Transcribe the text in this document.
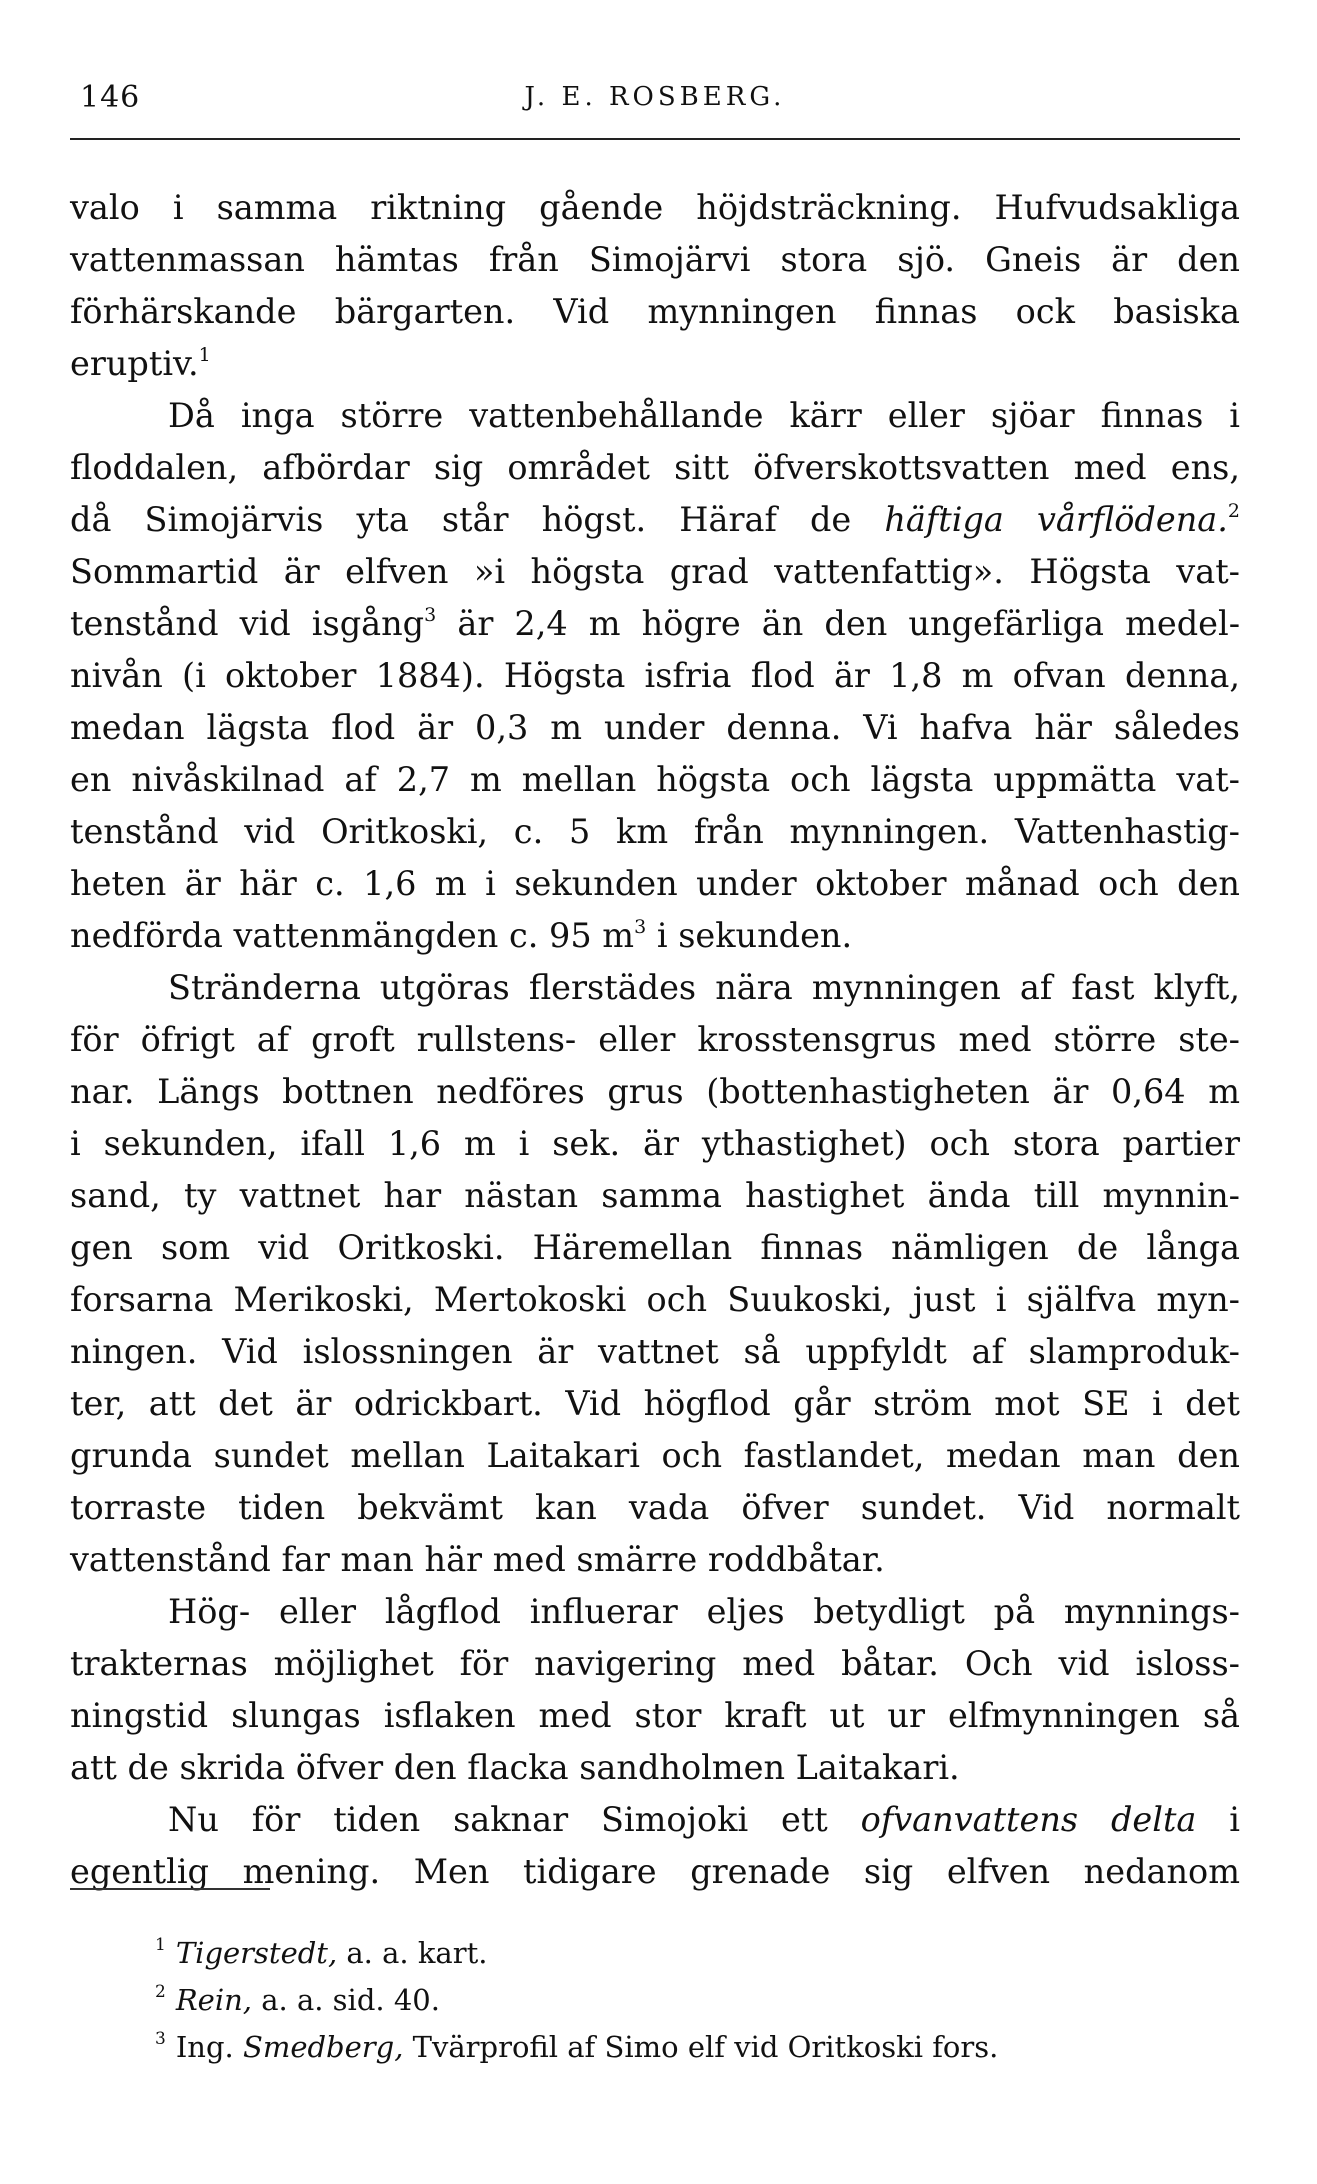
146	J. E. ROSBERG.
valo i samma riktning gående höjdsträckning. Hufvudsakliga
vattenmassan hämtas från Simojärvi stora sjö. Gneis är den
förhärskande bärgarten. Vid mynningen finnas ock basiska
eruptiv.$^1$
Då inga större vattenbehållande kärr eller sjöar finnas i
floddalen, afbördar sig området sitt öfverskottsvatten med ens,
då Simojärvis yta står högst. Häraf de häftiga vårflödena.$^2$
Sommartid är elfven »i högsta grad vattenfattig». Högsta vat-
tenstånd vid isgång$^3$ är 2,4 m högre än den ungefärliga medel-
nivån (i oktober 1884). Högsta isfria flod är 1,8 m ofvan denna,
medan lägsta flod är 0,3 m under denna. Vi hafva här således
en nivåskilnad af 2,7 m mellan högsta och lägsta uppmätta vat-
tenstånd vid Oritkoski, c. 5 km från mynningen. Vattenhastig-
heten är här c. 1,6 m i sekunden under oktober månad och den
nedförda vattenmängden c. 95 $m^3$ i sekunden.
Stränderna utgöras flerstädes nära mynningen af fast klyft,
för öfrigt af groft rullstens- eller krosstensgrus med större ste-
nar. Längs bottnen nedföres grus (bottenhastigheten är 0,64 m
i sekunden, ifall 1,6 m i sek. är ythastighet) och stora partier
sand, ty vattnet har nästan samma hastighet ända till mynnin-
gen som vid Oritkoski. Häremellan finnas nämligen de långa
forsarna Merikoski, Mertokoski och Suukoski, just i själfva myn-
ningen. Vid islossningen är vattnet så uppfyldt af slamproduk-
ter, att det är odrickbart. Vid högflod går ström mot SE i det
grunda sundet mellan Laitakari och fastlandet, medan man den
torraste tiden bekvämt kan vada öfver sundet. Vid normalt
vattenstånd far man här med smärre roddbåtar.
Hög- eller lågflod influerar eljes betydligt på mynnings-
trakternas möjlighet för navigering med båtar. Och vid isloss-
ningstid slungas isflaken med stor kraft ut ur elfmynningen så
att de skrida öfver den flacka sandholmen Laitakari.
Nu för tiden saknar Simojoki ett ofvanvattens delta i
egentlig mening. Men tidigare grenade sig elfven nedanom
$^1$ Tigerstedt, a. a. kart.
$^2$ Rein, a. a. sid. 40.
$^3$ Ing. Smedberg, Tvärprofil af Simo elf vid Oritkoski fors.
